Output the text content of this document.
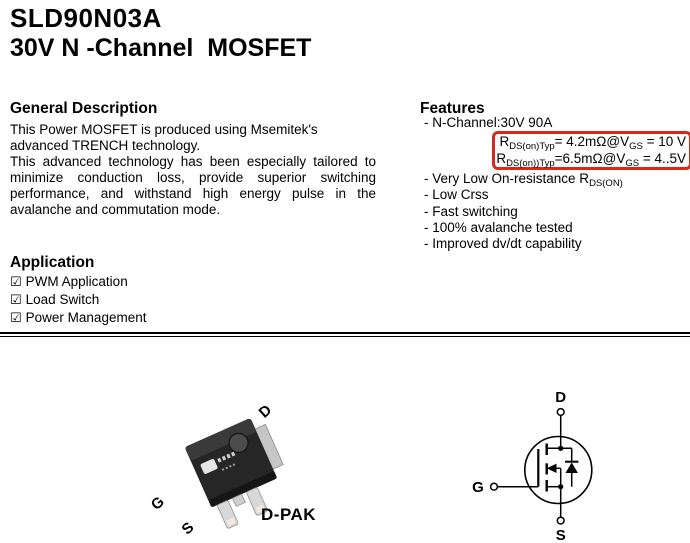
SLD90N03A
30V N -Channel  MOSFET
General Description
This Power MOSFET is produced using Msemitek's
advanced TRENCH technology.
This advanced technology has been especially tailored to
minimize conduction loss, provide superior switching
performance, and withstand high energy pulse in the
avalanche and commutation mode.
Application
☑ PWM Application
☑ Load Switch
☑ Power Management
Features
- N-Channel:30V 90A
$R_{DS(on)Typ}=$ $4.2m\Omega@V_{GS} = 10$ V
$R_{DS(on))Typ}=6.5m\Omega@V_{GS} = 4..5V$
- Very Low On-resistance $R_{DS(ON)}$
- Low Crss
- Fast switching
- 100% avalanche tested
- Improved dv/dt capability
D
G
S
D-PAK
D
G
S
